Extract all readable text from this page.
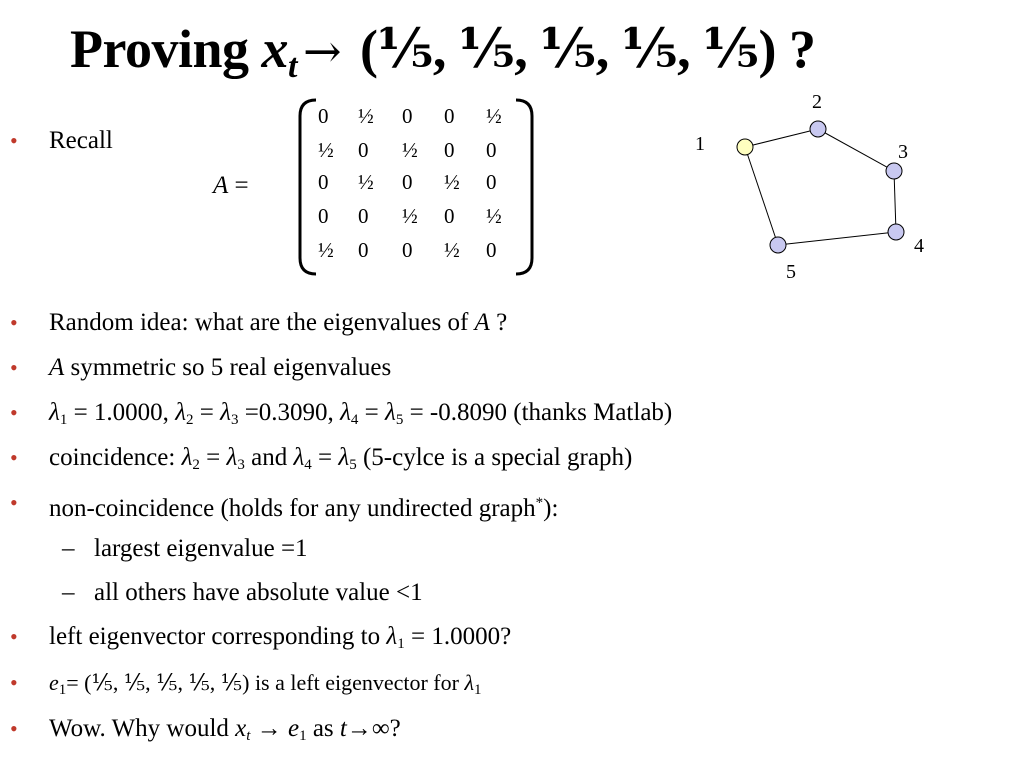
Proving $x_t$ → (⅕, ⅕, ⅕, ⅕, ⅕) ?
• Recall
A =
0	½	0	0	½
½	0	½	0	0
0	½	0	½	0
0	0	½	0	½
½	0	0	½	0
1
2
3
4
5
• Random idea: what are the eigenvalues of A ?
• A symmetric so 5 real eigenvalues
• $\lambda_1 = 1.0000$, $\lambda_2 = \lambda_3 =0.3090$, $\lambda_4 = \lambda_5 = -0.8090$ (thanks Matlab)
• coincidence: $\lambda_2 = \lambda_3$ and $\lambda_4 = \lambda_5$ (5-cylce is a special graph)
• non-coincidence (holds for any undirected graph*):
– largest eigenvalue =1
– all others have absolute value <1
• left eigenvector corresponding to $\lambda_1 = 1.0000$?
• $e_1=$ (⅕, ⅕, ⅕, ⅕, ⅕) is a left eigenvector for $\lambda_1$
• Wow. Why would $x_t \to e_1$ as t→∞?
